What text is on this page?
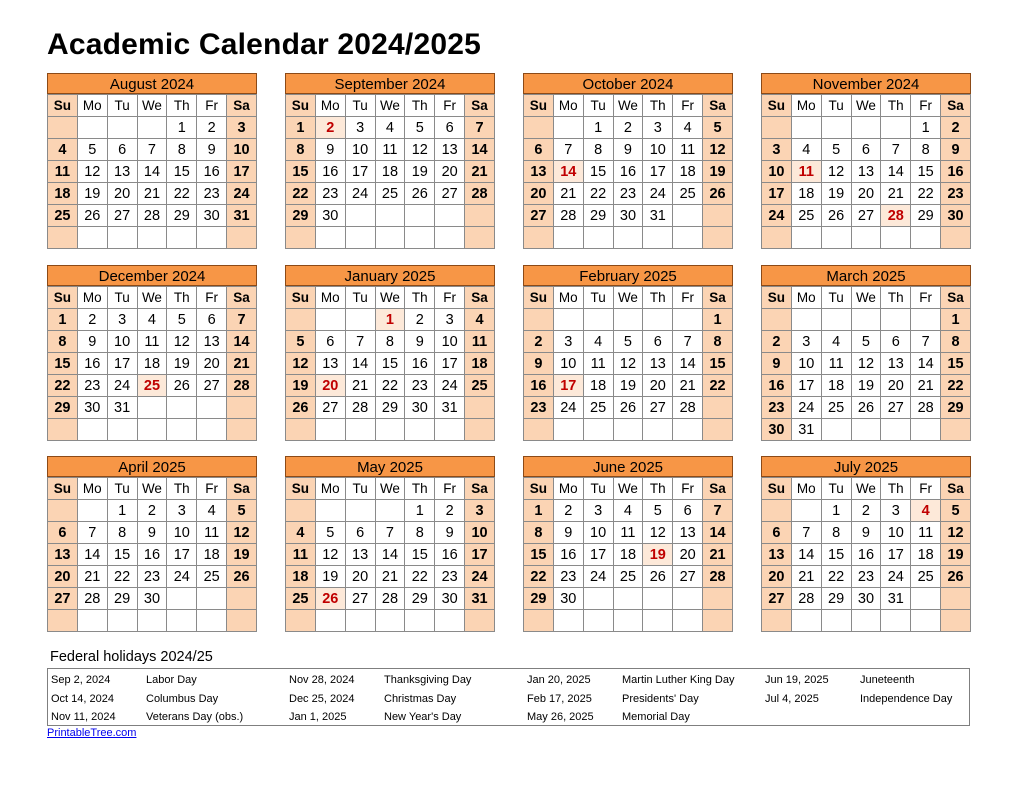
Academic Calendar 2024/2025
August 2024
Su	Mo	Tu	We	Th	Fr	Sa
				1	2	3
4	5	6	7	8	9	10
11	12	13	14	15	16	17
18	19	20	21	22	23	24
25	26	27	28	29	30	31

September 2024
Su	Mo	Tu	We	Th	Fr	Sa
1	2	3	4	5	6	7
8	9	10	11	12	13	14
15	16	17	18	19	20	21
22	23	24	25	26	27	28
29	30					

October 2024
Su	Mo	Tu	We	Th	Fr	Sa
		1	2	3	4	5
6	7	8	9	10	11	12
13	14	15	16	17	18	19
20	21	22	23	24	25	26
27	28	29	30	31		

November 2024
Su	Mo	Tu	We	Th	Fr	Sa
					1	2
3	4	5	6	7	8	9
10	11	12	13	14	15	16
17	18	19	20	21	22	23
24	25	26	27	28	29	30

December 2024
Su	Mo	Tu	We	Th	Fr	Sa
1	2	3	4	5	6	7
8	9	10	11	12	13	14
15	16	17	18	19	20	21
22	23	24	25	26	27	28
29	30	31				

January 2025
Su	Mo	Tu	We	Th	Fr	Sa
			1	2	3	4
5	6	7	8	9	10	11
12	13	14	15	16	17	18
19	20	21	22	23	24	25
26	27	28	29	30	31	

February 2025
Su	Mo	Tu	We	Th	Fr	Sa
						1
2	3	4	5	6	7	8
9	10	11	12	13	14	15
16	17	18	19	20	21	22
23	24	25	26	27	28	

March 2025
Su	Mo	Tu	We	Th	Fr	Sa
						1
2	3	4	5	6	7	8
9	10	11	12	13	14	15
16	17	18	19	20	21	22
23	24	25	26	27	28	29
30	31					
April 2025
Su	Mo	Tu	We	Th	Fr	Sa
		1	2	3	4	5
6	7	8	9	10	11	12
13	14	15	16	17	18	19
20	21	22	23	24	25	26
27	28	29	30			

May 2025
Su	Mo	Tu	We	Th	Fr	Sa
				1	2	3
4	5	6	7	8	9	10
11	12	13	14	15	16	17
18	19	20	21	22	23	24
25	26	27	28	29	30	31

June 2025
Su	Mo	Tu	We	Th	Fr	Sa
1	2	3	4	5	6	7
8	9	10	11	12	13	14
15	16	17	18	19	20	21
22	23	24	25	26	27	28
29	30					

July 2025
Su	Mo	Tu	We	Th	Fr	Sa
		1	2	3	4	5
6	7	8	9	10	11	12
13	14	15	16	17	18	19
20	21	22	23	24	25	26
27	28	29	30	31		

Federal holidays 2024/25
Sep 2, 2024	Labor Day
Oct 14, 2024	Columbus Day
Nov 11, 2024	Veterans Day (obs.)
Nov 28, 2024	Thanksgiving Day
Dec 25, 2024	Christmas Day
Jan 1, 2025	New Year's Day
Jan 20, 2025	Martin Luther King Day
Feb 17, 2025	Presidents' Day
May 26, 2025	Memorial Day
Jun 19, 2025	Juneteenth
Jul 4, 2025	Independence Day
PrintableTree.com
